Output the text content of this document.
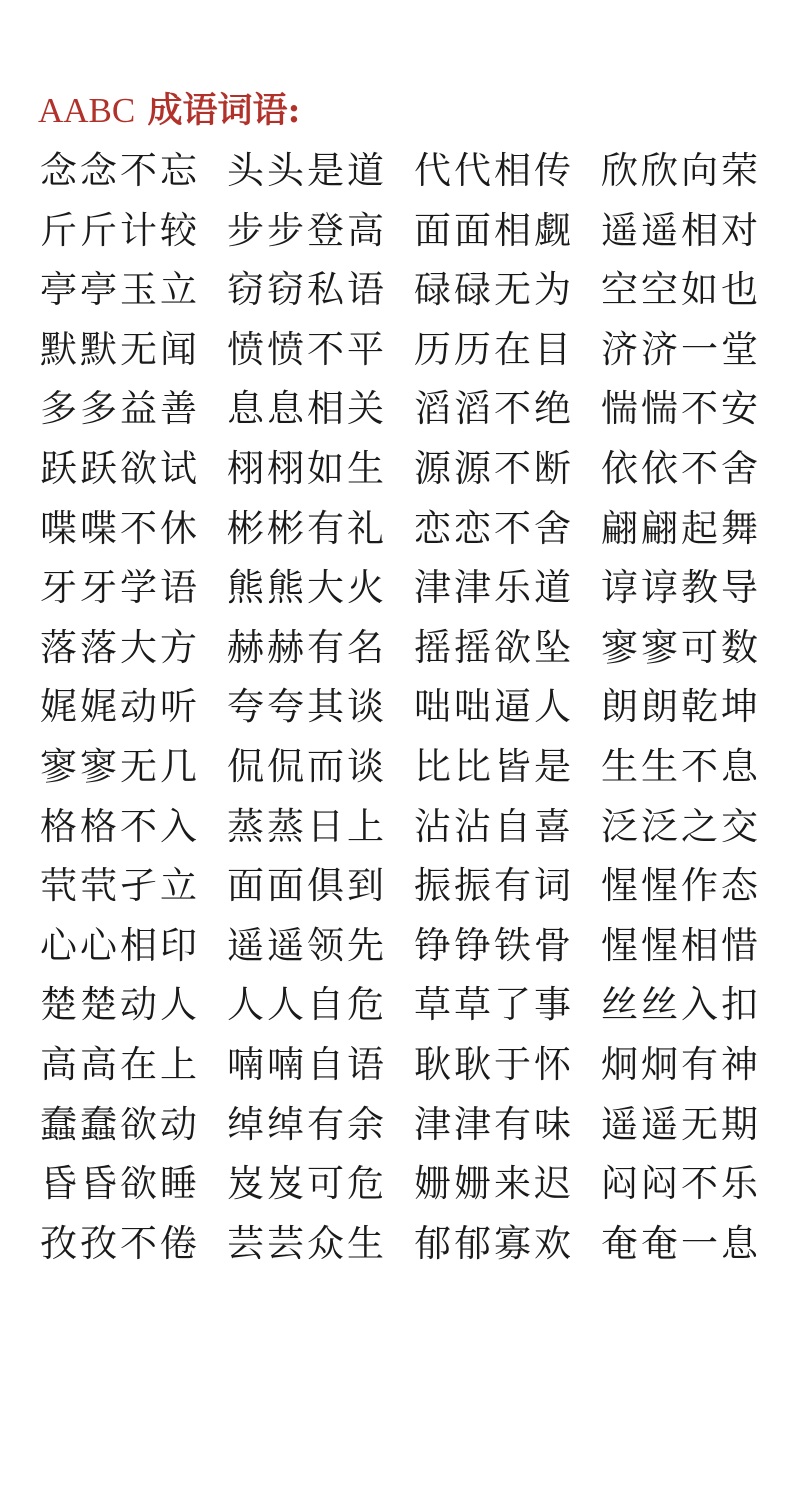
AABC 成语词语:
念念不忘 头头是道 代代相传 欣欣向荣
斤斤计较 步步登高 面面相觑 遥遥相对
亭亭玉立 窃窃私语 碌碌无为 空空如也
默默无闻 愤愤不平 历历在目 济济一堂
多多益善 息息相关 滔滔不绝 惴惴不安
跃跃欲试 栩栩如生 源源不断 依依不舍
喋喋不休 彬彬有礼 恋恋不舍 翩翩起舞
牙牙学语 熊熊大火 津津乐道 谆谆教导
落落大方 赫赫有名 摇摇欲坠 寥寥可数
娓娓动听 夸夸其谈 咄咄逼人 朗朗乾坤
寥寥无几 侃侃而谈 比比皆是 生生不息
格格不入 蒸蒸日上 沾沾自喜 泛泛之交
茕茕孑立 面面俱到 振振有词 惺惺作态
心心相印 遥遥领先 铮铮铁骨 惺惺相惜
楚楚动人 人人自危 草草了事 丝丝入扣
高高在上 喃喃自语 耿耿于怀 炯炯有神
蠢蠢欲动 绰绰有余 津津有味 遥遥无期
昏昏欲睡 岌岌可危 姗姗来迟 闷闷不乐
孜孜不倦 芸芸众生 郁郁寡欢 奄奄一息
